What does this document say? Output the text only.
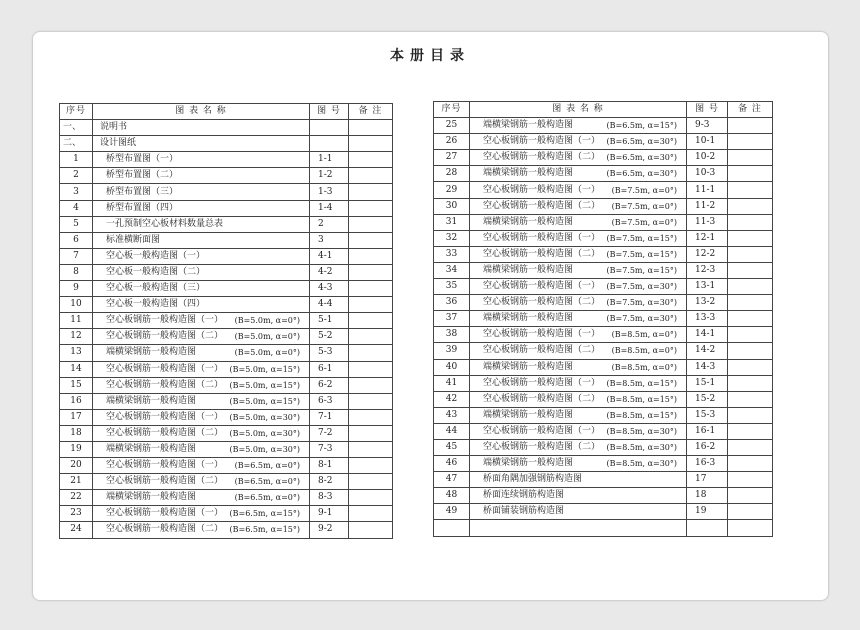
本册目录
序号	图 表 名 称	图 号	备 注
一、	说明书		

二、	设计图纸		

1	桥型布置图（一）	1-1	
2	桥型布置图（二）	1-2	
3	桥型布置图（三）	1-3	
4	桥型布置图（四）	1-4	
5	一孔预制空心板材料数量总表	2	
6	标准横断面图	3	
7	空心板一般构造图（一）	4-1	
8	空心板一般构造图（二）	4-2	
9	空心板一般构造图（三）	4-3	
10	空心板一般构造图（四）	4-4	
11	空心板钢筋一般构造图（一） (B=5.0m, α=0°)	5-1	
12	空心板钢筋一般构造图（二） (B=5.0m, α=0°)	5-2	
13	端横梁钢筋一般构造图 (B=5.0m, α=0°)	5-3	
14	空心板钢筋一般构造图（一） (B=5.0m, α=15°)	6-1	
15	空心板钢筋一般构造图（二） (B=5.0m, α=15°)	6-2	
16	端横梁钢筋一般构造图 (B=5.0m, α=15°)	6-3	
17	空心板钢筋一般构造图（一） (B=5.0m, α=30°)	7-1	
18	空心板钢筋一般构造图（二） (B=5.0m, α=30°)	7-2	
19	端横梁钢筋一般构造图 (B=5.0m, α=30°)	7-3	
20	空心板钢筋一般构造图（一） (B=6.5m, α=0°)	8-1	
21	空心板钢筋一般构造图（二） (B=6.5m, α=0°)	8-2	
22	端横梁钢筋一般构造图 (B=6.5m, α=0°)	8-3	
23	空心板钢筋一般构造图（一） (B=6.5m, α=15°)	9-1	
24	空心板钢筋一般构造图（二） (B=6.5m, α=15°)	9-2	
序号	图 表 名 称	图 号	备 注
25	端横梁钢筋一般构造图 (B=6.5m, α=15°)	9-3	
26	空心板钢筋一般构造图（一） (B=6.5m, α=30°)	10-1	
27	空心板钢筋一般构造图（二） (B=6.5m, α=30°)	10-2	
28	端横梁钢筋一般构造图 (B=6.5m, α=30°)	10-3	
29	空心板钢筋一般构造图（一） (B=7.5m, α=0°)	11-1	
30	空心板钢筋一般构造图（二） (B=7.5m, α=0°)	11-2	
31	端横梁钢筋一般构造图 (B=7.5m, α=0°)	11-3	
32	空心板钢筋一般构造图（一） (B=7.5m, α=15°)	12-1	
33	空心板钢筋一般构造图（二） (B=7.5m, α=15°)	12-2	
34	端横梁钢筋一般构造图 (B=7.5m, α=15°)	12-3	
35	空心板钢筋一般构造图（一） (B=7.5m, α=30°)	13-1	
36	空心板钢筋一般构造图（二） (B=7.5m, α=30°)	13-2	
37	端横梁钢筋一般构造图 (B=7.5m, α=30°)	13-3	
38	空心板钢筋一般构造图（一） (B=8.5m, α=0°)	14-1	
39	空心板钢筋一般构造图（二） (B=8.5m, α=0°)	14-2	
40	端横梁钢筋一般构造图 (B=8.5m, α=0°)	14-3	
41	空心板钢筋一般构造图（一） (B=8.5m, α=15°)	15-1	
42	空心板钢筋一般构造图（二） (B=8.5m, α=15°)	15-2	
43	端横梁钢筋一般构造图 (B=8.5m, α=15°)	15-3	
44	空心板钢筋一般构造图（一） (B=8.5m, α=30°)	16-1	
45	空心板钢筋一般构造图（二） (B=8.5m, α=30°)	16-2	
46	端横梁钢筋一般构造图 (B=8.5m, α=30°)	16-3	
47	桥面角隅加强钢筋构造图	17	
48	桥面连续钢筋构造图	18	
49	桥面铺装钢筋构造图	19	
